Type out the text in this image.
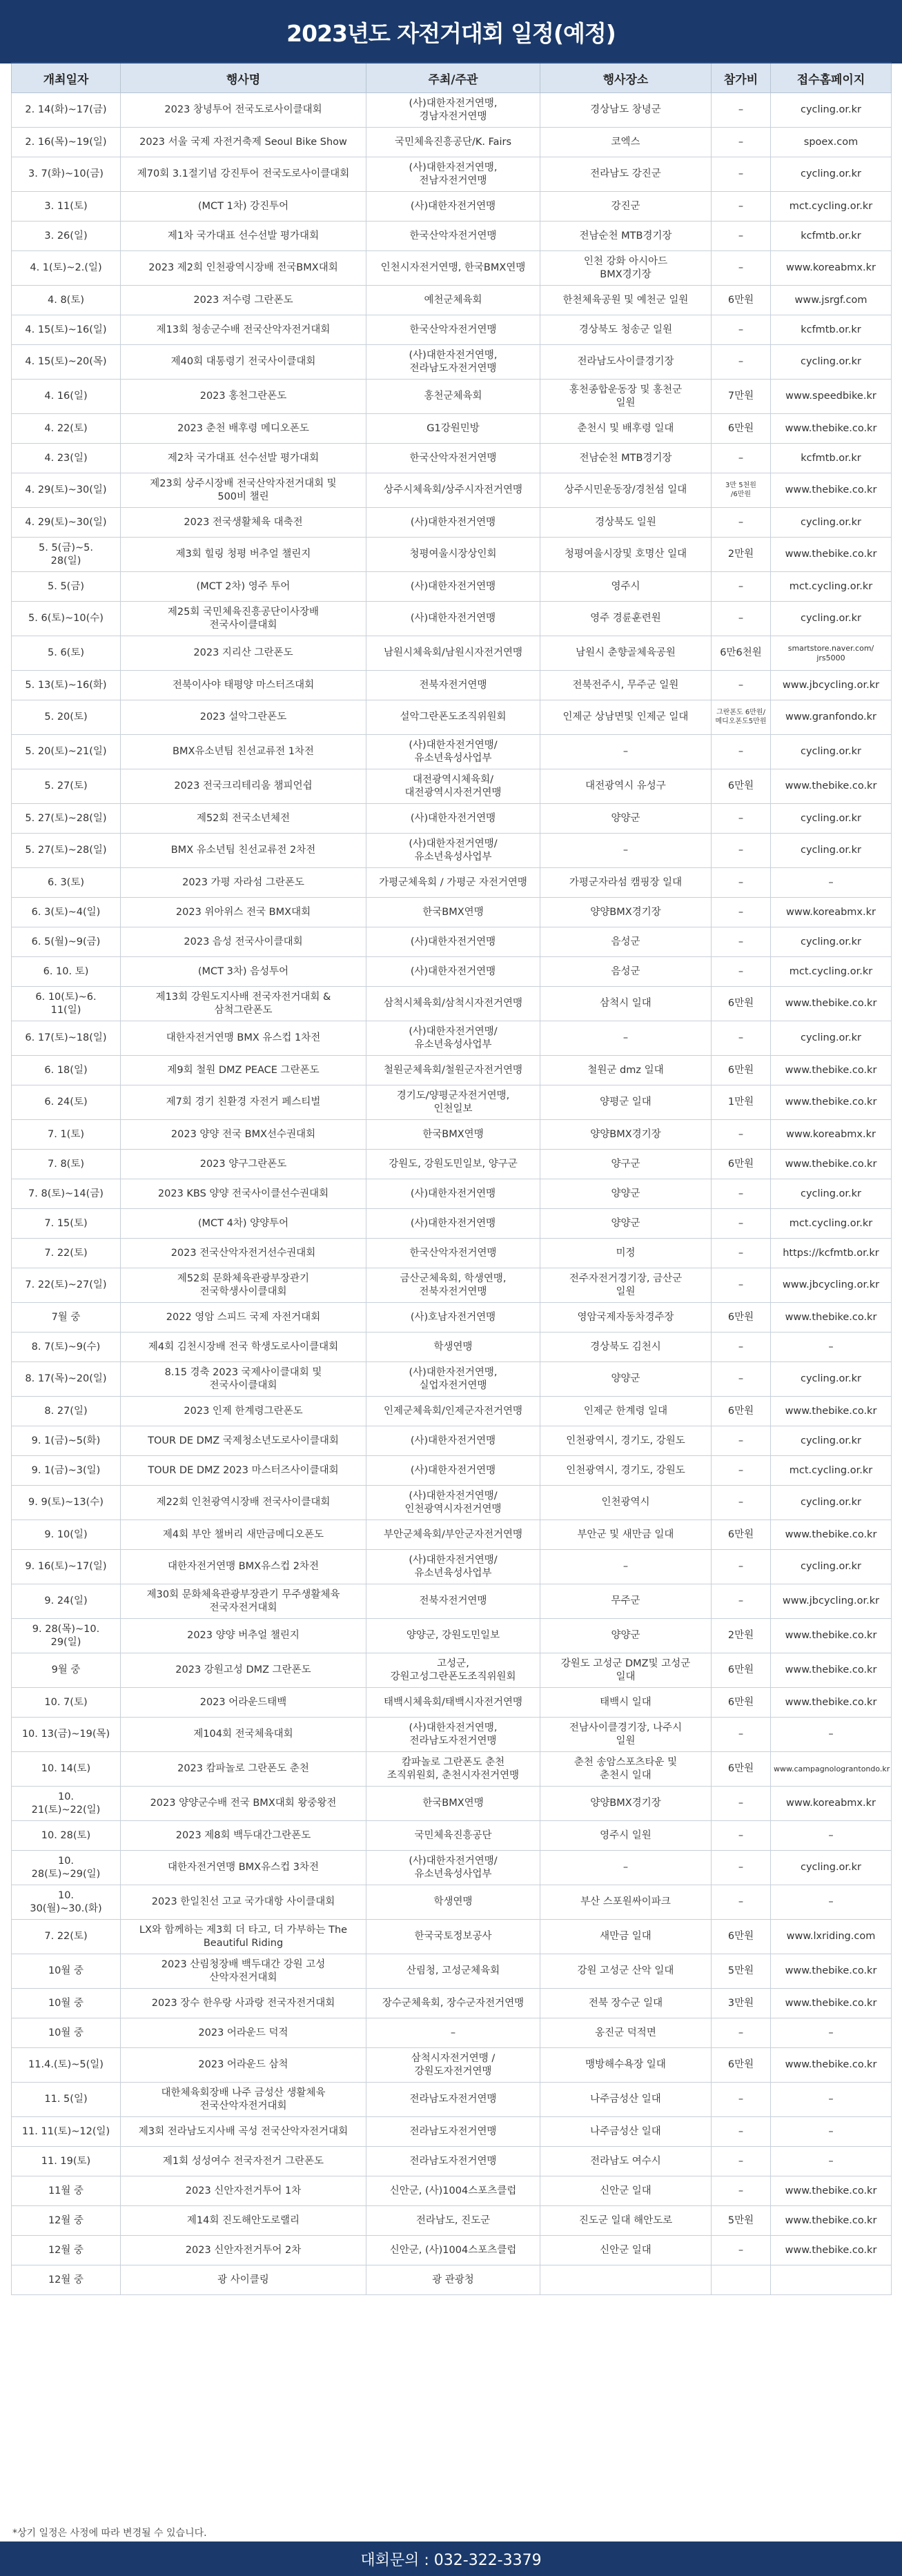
2023년도 자전거대회 일정(예정)
개최일자	행사명	주최/주관	행사장소	참가비	접수홈페이지
2. 14(화)~17(금)	2023 창녕투어 전국도로사이클대회	(사)대한자전거연맹,
경남자전거연맹	경상남도 창녕군	–	cycling.or.kr
2. 16(목)~19(일)	2023 서울 국제 자전거축제 Seoul Bike Show	국민체육진흥공단/K. Fairs	코엑스	–	spoex.com
3. 7(화)~10(금)	제70회 3.1절기념 강진투어 전국도로사이클대회	(사)대한자전거연맹,
전남자전거연맹	전라남도 강진군	–	cycling.or.kr
3. 11(토)	(MCT 1차) 강진투어	(사)대한자전거연맹	강진군	–	mct.cycling.or.kr
3. 26(일)	제1차 국가대표 선수선발 평가대회	한국산악자전거연맹	전남순천 MTB경기장	–	kcfmtb.or.kr
4. 1(토)~2.(일)	2023 제2회 인천광역시장배 전국BMX대회	인천시자전거연맹, 한국BMX연맹	인천 강화 아시아드
BMX경기장	–	www.koreabmx.kr
4. 8(토)	2023 저수령 그란폰도	예천군체육회	한천체육공원 및 예천군 일원	6만원	www.jsrgf.com
4. 15(토)~16(일)	제13회 청송군수배 전국산악자전거대회	한국산악자전거연맹	경상북도 청송군 일원	–	kcfmtb.or.kr
4. 15(토)~20(목)	제40회 대통령기 전국사이클대회	(사)대한자전거연맹,
전라남도자전거연맹	전라남도사이클경기장	–	cycling.or.kr
4. 16(일)	2023 홍천그란폰도	홍천군체육회	홍천종합운동장 및 홍천군
일원	7만원	www.speedbike.kr
4. 22(토)	2023 춘천 배후령 메디오폰도	G1강원민방	춘천시 및 배후령 일대	6만원	www.thebike.co.kr
4. 23(일)	제2차 국가대표 선수선발 평가대회	한국산악자전거연맹	전남순천 MTB경기장	–	kcfmtb.or.kr
4. 29(토)~30(일)	제23회 상주시장배 전국산악자전거대회 및
500비 챌린	상주시체육회/상주시자전거연맹	상주시민운동장/경천섬 일대	3만 5천원
/6만원	www.thebike.co.kr
4. 29(토)~30(일)	2023 전국생활체육 대축전	(사)대한자전거연맹	경상북도 일원	–	cycling.or.kr
5. 5(금)~5.
28(일)	제3회 힐링 청평 버추얼 챌린지	청평여울시장상인회	청평여울시장및 호명산 일대	2만원	www.thebike.co.kr
5. 5(금)	(MCT 2차) 영주 투어	(사)대한자전거연맹	영주시	–	mct.cycling.or.kr
5. 6(토)~10(수)	제25회 국민체육진흥공단이사장배
전국사이클대회	(사)대한자전거연맹	영주 경륜훈련원	–	cycling.or.kr
5. 6(토)	2023 지리산 그란폰도	남원시체육회/남원시자전거연맹	남원시 춘향골체육공원	6만6천원	smartstore.naver.com/
jrs5000
5. 13(토)~16(화)	전북이사야 태평양 마스터즈대회	전북자전거연맹	전북전주시, 무주군 일원	–	www.jbcycling.or.kr
5. 20(토)	2023 설악그란폰도	설악그란폰도조직위원회	인제군 상남면및 인제군 일대	그란폰도 6만원/
메디오폰도5만원	www.granfondo.kr
5. 20(토)~21(일)	BMX유소년팀 친선교류전 1차전	(사)대한자전거연맹/
유소년육성사업부	–	–	cycling.or.kr
5. 27(토)	2023 전국크리테리움 챔피언쉽	대전광역시체육회/
대전광역시자전거연맹	대전광역시 유성구	6만원	www.thebike.co.kr
5. 27(토)~28(일)	제52회 전국소년체전	(사)대한자전거연맹	양양군	–	cycling.or.kr
5. 27(토)~28(일)	BMX 유소년팀 친선교류전 2차전	(사)대한자전거연맹/
유소년육성사업부	–	–	cycling.or.kr
6. 3(토)	2023 가평 자라섬 그란폰도	가평군체육회 / 가평군 자전거연맹	가평군자라섬 캠핑장 일대	–	–
6. 3(토)~4(일)	2023 위아위스 전국 BMX대회	한국BMX연맹	양양BMX경기장	–	www.koreabmx.kr
6. 5(월)~9(금)	2023 음성 전국사이클대회	(사)대한자전거연맹	음성군	–	cycling.or.kr
6. 10. 토)	(MCT 3차) 음성투어	(사)대한자전거연맹	음성군	–	mct.cycling.or.kr
6. 10(토)~6.
11(일)	제13회 강원도지사배 전국자전거대회 &
삼척그란폰도	삼척시체육회/삼척시자전거연맹	삼척시 일대	6만원	www.thebike.co.kr
6. 17(토)~18(일)	대한자전거연맹 BMX 유스컵 1차전	(사)대한자전거연맹/
유소년육성사업부	–	–	cycling.or.kr
6. 18(일)	제9회 철원 DMZ PEACE 그란폰도	철원군체육회/철원군자전거연맹	철원군 dmz 일대	6만원	www.thebike.co.kr
6. 24(토)	제7회 경기 친환경 자전거 페스티벌	경기도/양평군자전거연맹,
인천일보	양평군 일대	1만원	www.thebike.co.kr
7. 1(토)	2023 양양 전국 BMX선수권대회	한국BMX연맹	양양BMX경기장	–	www.koreabmx.kr
7. 8(토)	2023 양구그란폰도	강원도, 강원도민일보, 양구군	양구군	6만원	www.thebike.co.kr
7. 8(토)~14(금)	2023 KBS 양양 전국사이클선수권대회	(사)대한자전거연맹	양양군	–	cycling.or.kr
7. 15(토)	(MCT 4차) 양양투어	(사)대한자전거연맹	양양군	–	mct.cycling.or.kr
7. 22(토)	2023 전국산악자전거선수권대회	한국산악자전거연맹	미정	–	https://kcfmtb.or.kr
7. 22(토)~27(일)	제52회 문화체육관광부장관기
전국학생사이클대회	금산군체육회, 학생연맹,
전북자전거연맹	전주자전거경기장, 금산군
일원	–	www.jbcycling.or.kr
7월 중	2022 영암 스피드 국제 자전거대회	(사)호남자전거연맹	영암국제자동차경주장	6만원	www.thebike.co.kr
8. 7(토)~9(수)	제4회 김천시장배 전국 학생도로사이클대회	학생연맹	경상북도 김천시	–	–
8. 17(목)~20(일)	8.15 경축 2023 국제사이클대회 및
전국사이클대회	(사)대한자전거연맹,
실업자전거연맹	양양군	–	cycling.or.kr
8. 27(일)	2023 인제 한계령그란폰도	인제군체육회/인제군자전거연맹	인제군 한계령 일대	6만원	www.thebike.co.kr
9. 1(금)~5(화)	TOUR DE DMZ 국제청소년도로사이클대회	(사)대한자전거연맹	인천광역시, 경기도, 강원도	–	cycling.or.kr
9. 1(금)~3(일)	TOUR DE DMZ 2023 마스터즈사이클대회	(사)대한자전거연맹	인천광역시, 경기도, 강원도	–	mct.cycling.or.kr
9. 9(토)~13(수)	제22회 인천광역시장배 전국사이클대회	(사)대한자전거연맹/
인천광역시자전거연맹	인천광역시	–	cycling.or.kr
9. 10(일)	제4회 부안 챌버리 새만금메디오폰도	부안군체육회/부안군자전거연맹	부안군 및 새만금 일대	6만원	www.thebike.co.kr
9. 16(토)~17(일)	대한자전거연맹 BMX유스컵 2차전	(사)대한자전거연맹/
유소년육성사업부	–	–	cycling.or.kr
9. 24(일)	제30회 문화체육관광부장관기 무주생활체육
전국자전거대회	전북자전거연맹	무주군	–	www.jbcycling.or.kr
9. 28(목)~10.
29(일)	2023 양양 버추얼 챌린지	양양군, 강원도민일보	양양군	2만원	www.thebike.co.kr
9월 중	2023 강원고성 DMZ 그란폰도	고성군,
강원고성그란폰도조직위원회	강원도 고성군 DMZ및 고성군
일대	6만원	www.thebike.co.kr
10. 7(토)	2023 어라운드태백	태백시체육회/태백시자전거연맹	태백시 일대	6만원	www.thebike.co.kr
10. 13(금)~19(목)	제104회 전국체육대회	(사)대한자전거연맹,
전라남도자전거연맹	전남사이클경기장, 나주시
일원	–	–
10. 14(토)	2023 캄파놀로 그란폰도 춘천	캄파놀로 그란폰도 춘천
조직위원회, 춘천시자전거연맹	춘천 송암스포츠타운 및
춘천시 일대	6만원	www.campagnolograntondo.kr
10.
21(토)~22(일)	2023 양양군수배 전국 BMX대회 왕중왕전	한국BMX연맹	양양BMX경기장	–	www.koreabmx.kr
10. 28(토)	2023 제8회 백두대간그란폰도	국민체육진흥공단	영주시 일원	–	–
10.
28(토)~29(일)	대한자전거연맹 BMX유스컵 3차전	(사)대한자전거연맹/
유소년육성사업부	–	–	cycling.or.kr
10.
30(월)~30.(화)	2023 한일친선 고교 국가대항 사이클대회	학생연맹	부산 스포원싸이파크	–	–
7. 22(토)	LX와 함께하는 제3회 더 타고, 더 가부하는 The
Beautiful Riding	한국국토정보공사	새만금 일대	6만원	www.lxriding.com
10월 중	2023 산림청장배 백두대간 강원 고성
산악자전거대회	산림청, 고성군체육회	강원 고성군 산악 일대	5만원	www.thebike.co.kr
10월 중	2023 장수 한우랑 사과랑 전국자전거대회	장수군체육회, 장수군자전거연맹	전북 장수군 일대	3만원	www.thebike.co.kr
10월 중	2023 어라운드 덕적	–	옹진군 덕적면	–	–
11.4.(토)~5(일)	2023 어라운드 삼척	삼척시자전거연맹 /
강원도자전거연맹	맹방해수욕장 일대	6만원	www.thebike.co.kr
11. 5(일)	대한체육회장배 나주 금성산 생활체육
전국산악자전거대회	전라남도자전거연맹	나주금성산 일대	–	–
11. 11(토)~12(일)	제3회 전라남도지사배 곡성 전국산악자전거대회	전라남도자전거연맹	나주금성산 일대	–	–
11. 19(토)	제1회 성성여수 전국자전거 그란폰도	전라남도자전거연맹	전라남도 여수시	–	–
11월 중	2023 신안자전거투어 1차	신안군, (사)1004스포츠클럽	신안군 일대	–	www.thebike.co.kr
12월 중	제14회 진도해안도로랠리	전라남도, 진도군	진도군 일대 해안도로	5만원	www.thebike.co.kr
12월 중	2023 신안자전거투어 2차	신안군, (사)1004스포츠클럽	신안군 일대	–	www.thebike.co.kr
12월 중	광 사이클링	광 관광청			
*상기 일정은 사정에 따라 변경될 수 있습니다.
대회문의 : 032-322-3379
